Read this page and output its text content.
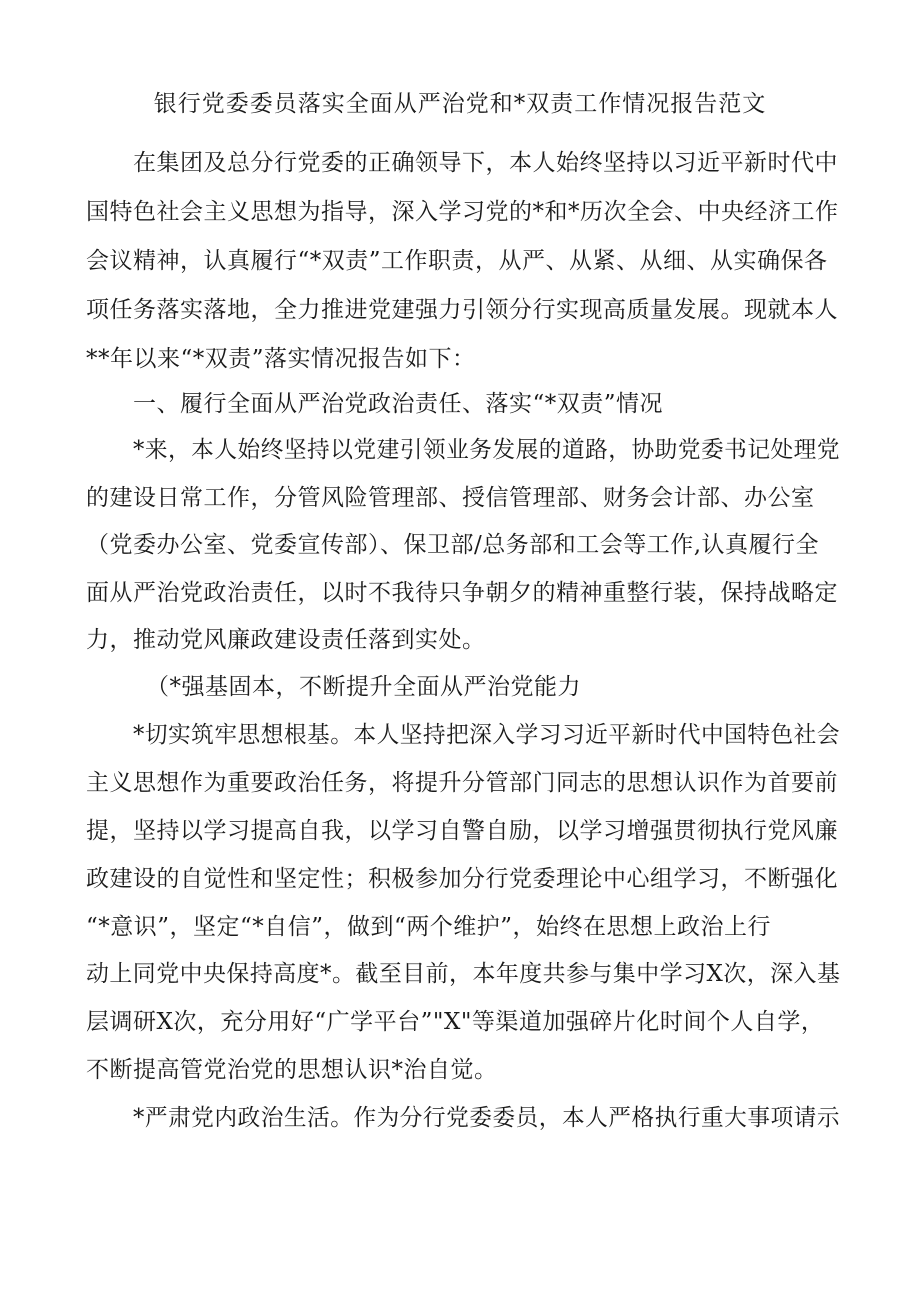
银行党委委员落实全面从严治党和*双责工作情况报告范文
在集团及总分行党委的正确领导下，本人始终坚持以习近平新时代中
国特色社会主义思想为指导，深入学习党的*和*历次全会、中央经济工作
会议精神，认真履行“*双责”工作职责，从严、从紧、从细、从实确保各
项任务落实落地，全力推进党建强力引领分行实现高质量发展。现就本人
**年以来“*双责”落实情况报告如下：
一、履行全面从严治党政治责任、落实“*双责”情况
*来，本人始终坚持以党建引领业务发展的道路，协助党委书记处理党
的建设日常工作，分管风险管理部、授信管理部、财务会计部、办公室
（党委办公室、党委宣传部）、保卫部/总务部和工会等工作,认真履行全
面从严治党政治责任，以时不我待只争朝夕的精神重整行装，保持战略定
力，推动党风廉政建设责任落到实处。
（*强基固本，不断提升全面从严治党能力
*切实筑牢思想根基。本人坚持把深入学习习近平新时代中国特色社会
主义思想作为重要政治任务，将提升分管部门同志的思想认识作为首要前
提，坚持以学习提高自我，以学习自警自励，以学习增强贯彻执行党风廉
政建设的自觉性和坚定性；积极参加分行党委理论中心组学习，不断强化
“*意识”，坚定“*自信”，做到“两个维护”，始终在思想上政治上行
动上同党中央保持高度*。截至目前，本年度共参与集中学习X次，深入基
层调研X次，充分用好“广学平台”"X"等渠道加强碎片化时间个人自学，
不断提高管党治党的思想认识*治自觉。
*严肃党内政治生活。作为分行党委委员，本人严格执行重大事项请示
